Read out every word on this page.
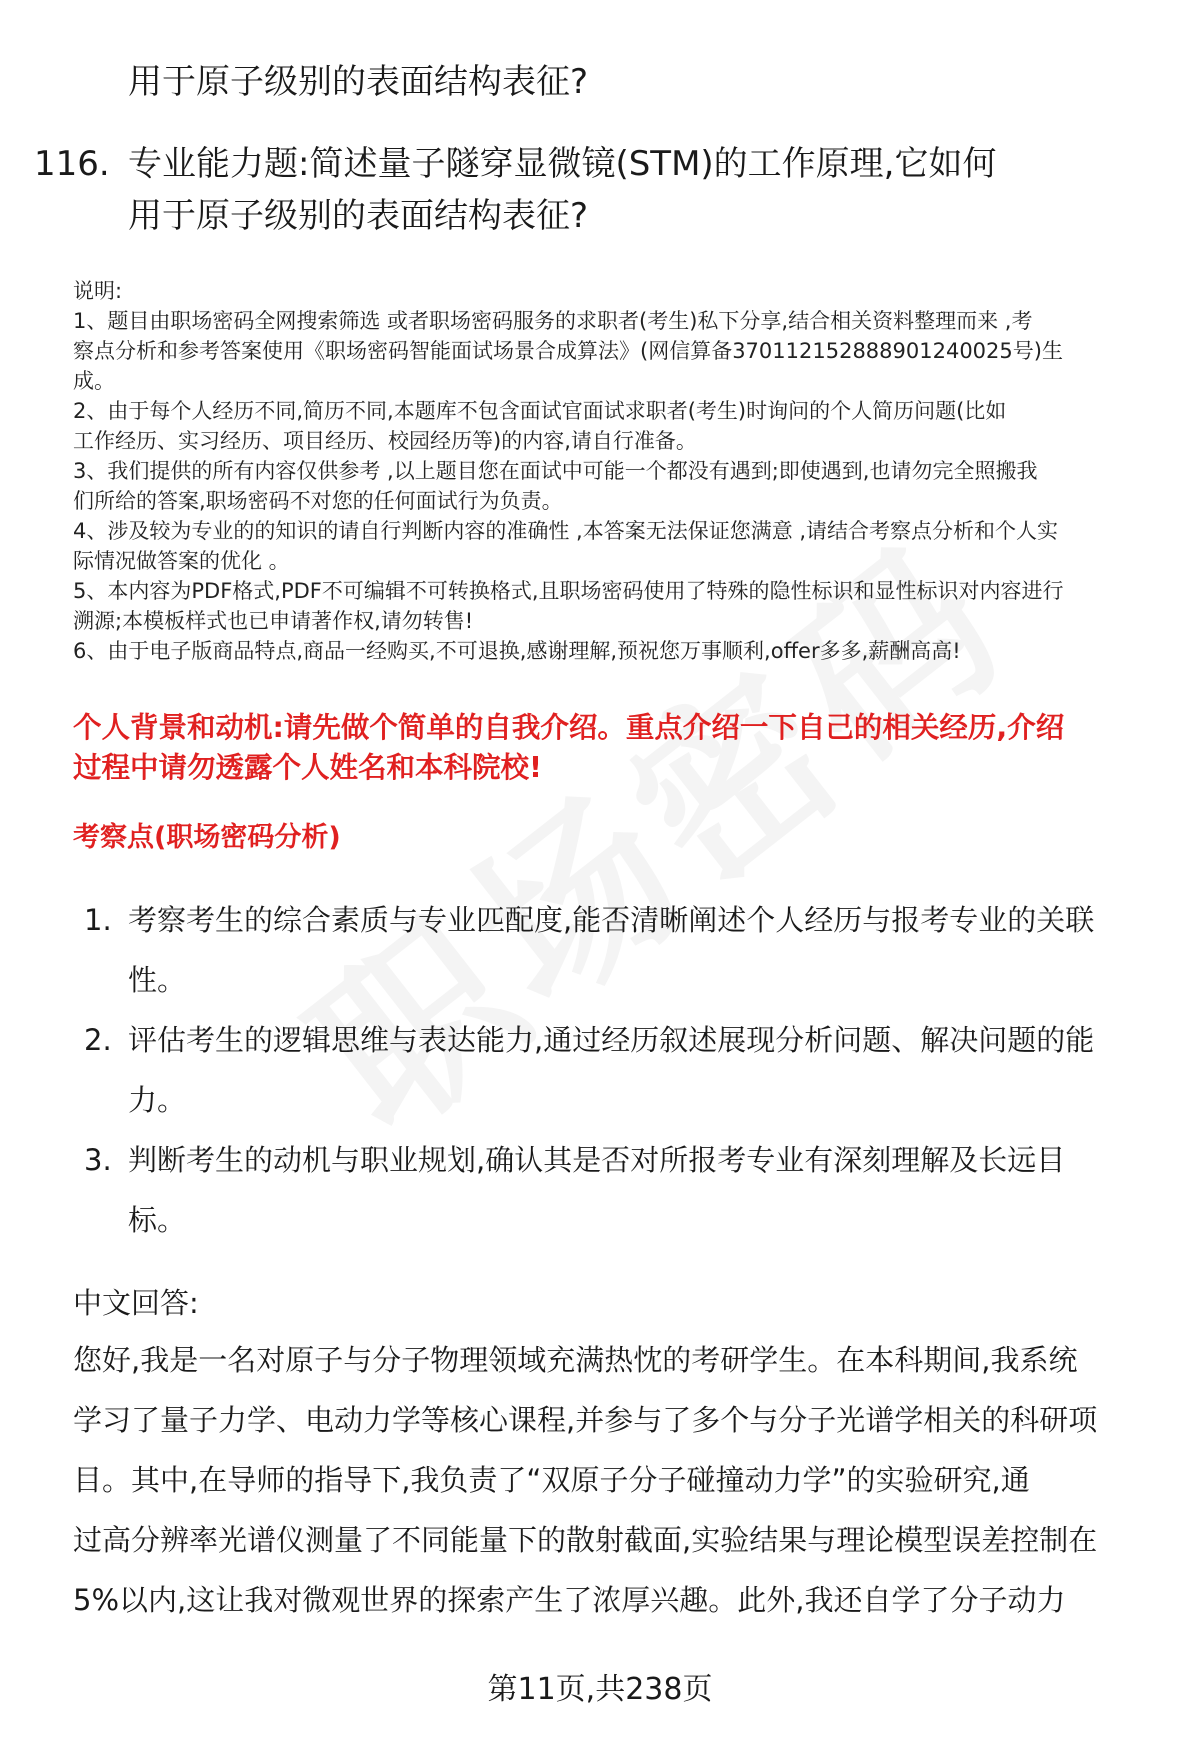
用于原子级别的表面结构表征?
116. 专业能力题:简述量子隧穿显微镜(STM)的工作原理,它如何
用于原子级别的表面结构表征?
说明:
1、题目由职场密码全网搜索筛选 或者职场密码服务的求职者(考生)私下分享,结合相关资料整理而来 ,考
察点分析和参考答案使用《职场密码智能面试场景合成算法》(网信算备370112152888901240025号)生
成。
2、由于每个人经历不同,简历不同,本题库不包含面试官面试求职者(考生)时询问的个人简历问题(比如
工作经历、实习经历、项目经历、校园经历等)的内容,请自行准备。
3、我们提供的所有内容仅供参考 ,以上题目您在面试中可能一个都没有遇到;即使遇到,也请勿完全照搬我
们所给的答案,职场密码不对您的任何面试行为负责。
4、涉及较为专业的的知识的请自行判断内容的准确性 ,本答案无法保证您满意 ,请结合考察点分析和个人实
际情况做答案的优化 。
5、本内容为PDF格式,PDF不可编辑不可转换格式,且职场密码使用了特殊的隐性标识和显性标识对内容进行
溯源;本模板样式也已申请著作权,请勿转售!
6、由于电子版商品特点,商品一经购买,不可退换,感谢理解,预祝您万事顺利,offer多多,薪酬高高!
个人背景和动机:请先做个简单的自我介绍。重点介绍一下自己的相关经历,介绍
过程中请勿透露个人姓名和本科院校!
考察点(职场密码分析)
1. 考察考生的综合素质与专业匹配度,能否清晰阐述个人经历与报考专业的关联
性。
2. 评估考生的逻辑思维与表达能力,通过经历叙述展现分析问题、解决问题的能
力。
3. 判断考生的动机与职业规划,确认其是否对所报考专业有深刻理解及长远目
标。
中文回答:
您好,我是一名对原子与分子物理领域充满热忱的考研学生。在本科期间,我系统
学习了量子力学、电动力学等核心课程,并参与了多个与分子光谱学相关的科研项
目。其中,在导师的指导下,我负责了“双原子分子碰撞动力学”的实验研究,通
过高分辨率光谱仪测量了不同能量下的散射截面,实验结果与理论模型误差控制在
5%以内,这让我对微观世界的探索产生了浓厚兴趣。此外,我还自学了分子动力
第11页,共238页
